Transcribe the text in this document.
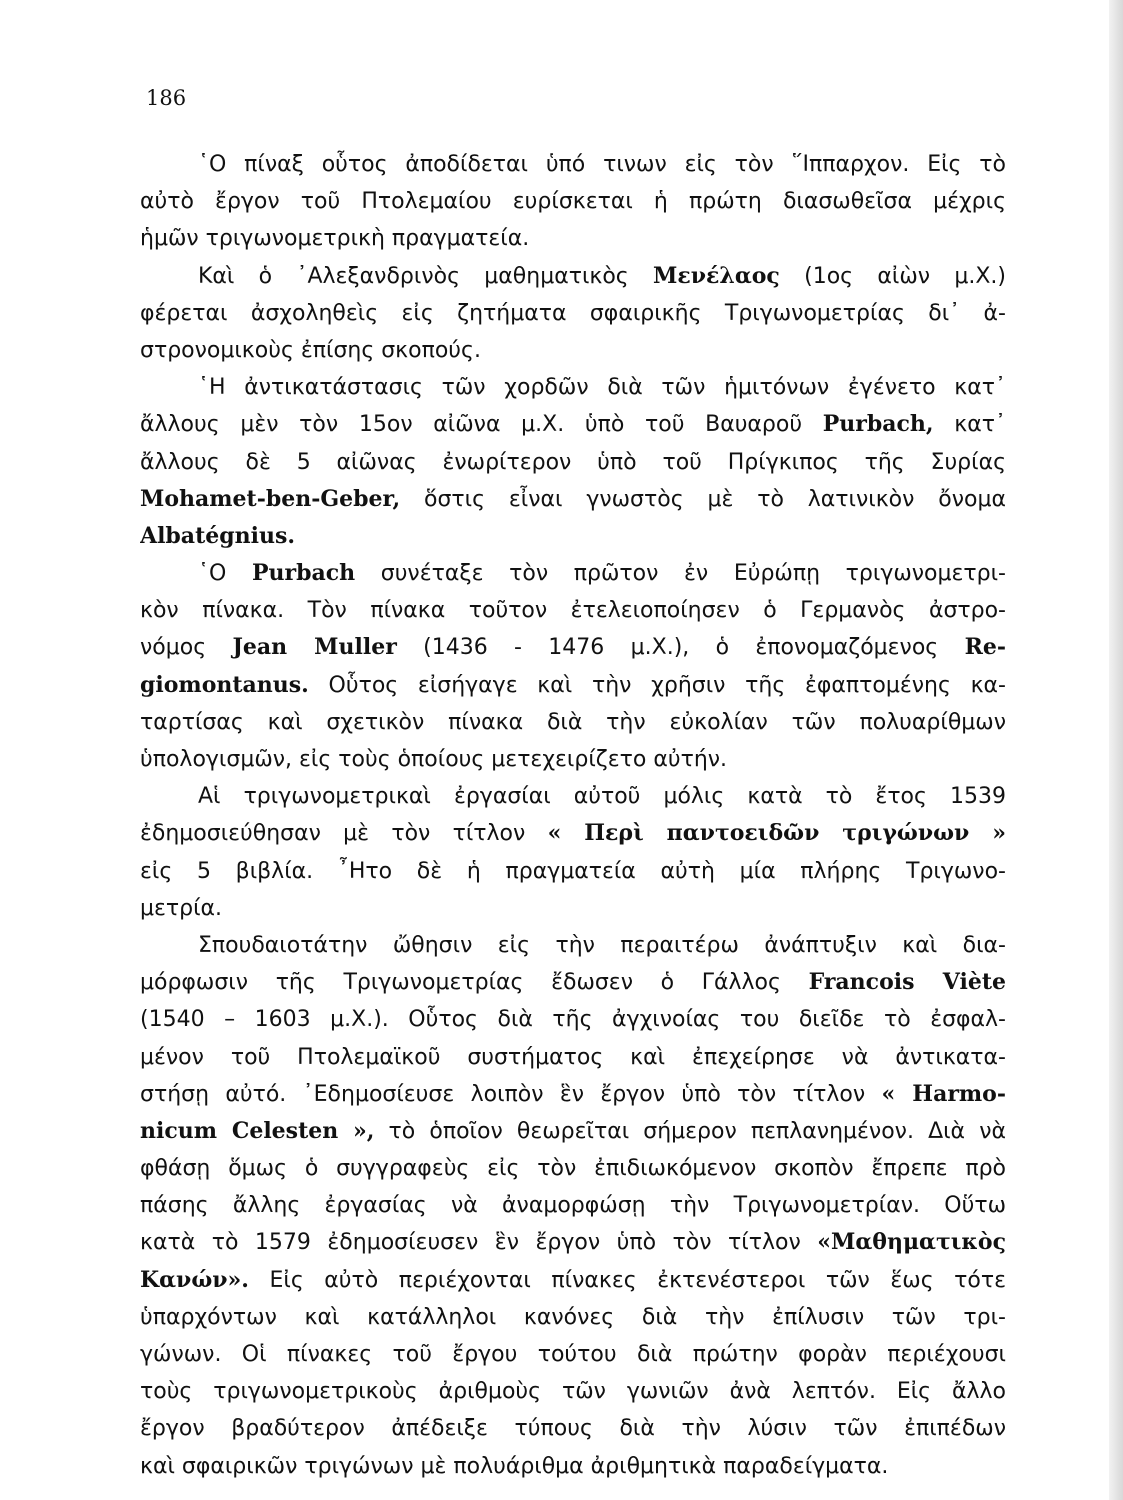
186
῾Ο πίναξ οὗτος ἀποδίδεται ὑπό τινων εἰς τὸν ῞Ιππαρχον. Εἰς τὸ
αὐτὸ ἔργον τοῦ Πτολεμαίου ευρίσκεται ἡ πρώτη διασωθεῖσα μέχρις
ἡμῶν τριγωνομετρικὴ πραγματεία.
Καὶ ὁ ᾿Αλεξανδρινὸς μαθηματικὸς Μενέλαος (1ος αἰὼν μ.Χ.)
φέρεται ἀσχοληθεὶς εἰς ζητήματα σφαιρικῆς Τριγωνομετρίας δι᾿ ἀ-
στρονομικοὺς ἐπίσης σκοπούς.
῾Η ἀντικατάστασις τῶν χορδῶν διὰ τῶν ἡμιτόνων ἐγένετο κατ᾿
ἄλλους μὲν τὸν 15ον αἰῶνα μ.Χ. ὑπὸ τοῦ Βαυαροῦ Purbach, κατ᾿
ἄλλους δὲ 5 αἰῶνας ἐνωρίτερον ὑπὸ τοῦ Πρίγκιπος τῆς Συρίας
Mohamet-ben-Geber, ὅστις εἶναι γνωστὸς μὲ τὸ λατινικὸν ὄνομα
Albatégnius.
῾Ο Purbach συνέταξε τὸν πρῶτον ἐν Εὐρώπῃ τριγωνομετρι-
κὸν πίνακα. Τὸν πίνακα τοῦτον ἐτελειοποίησεν ὁ Γερμανὸς ἀστρο-
νόμος Jean Muller (1436 - 1476 μ.Χ.), ὁ ἐπονομαζόμενος Re-
giomontanus. Οὗτος εἰσήγαγε καὶ τὴν χρῆσιν τῆς ἐφαπτομένης κα-
ταρτίσας καὶ σχετικὸν πίνακα διὰ τὴν εὐκολίαν τῶν πολυαρίθμων
ὑπολογισμῶν, εἰς τοὺς ὁποίους μετεχειρίζετο αὐτήν.
Αἱ τριγωνομετρικαὶ ἐργασίαι αὐτοῦ μόλις κατὰ τὸ ἔτος 1539
ἐδημοσιεύθησαν μὲ τὸν τίτλον « Περὶ παντοειδῶν τριγώνων »
εἰς 5 βιβλία. ῏Ητο δὲ ἡ πραγματεία αὐτὴ μία πλήρης Τριγωνο-
μετρία.
Σπουδαιοτάτην ὤθησιν εἰς τὴν περαιτέρω ἀνάπτυξιν καὶ δια-
μόρφωσιν τῆς Τριγωνομετρίας ἔδωσεν ὁ Γάλλος Francois Viète
(1540 – 1603 μ.Χ.). Οὗτος διὰ τῆς ἀγχινοίας του διεῖδε τὸ ἐσφαλ-
μένον τοῦ Πτολεμαϊκοῦ συστήματος καὶ ἐπεχείρησε νὰ ἀντικατα-
στήσῃ αὐτό. ᾿Εδημοσίευσε λοιπὸν ἓν ἔργον ὑπὸ τὸν τίτλον « Harmo-
nicum Celesten », τὸ ὁποῖον θεωρεῖται σήμερον πεπλανημένον. Διὰ νὰ
φθάσῃ ὅμως ὁ συγγραφεὺς εἰς τὸν ἐπιδιωκόμενον σκοπὸν ἔπρεπε πρὸ
πάσης ἄλλης ἐργασίας νὰ ἀναμορφώσῃ τὴν Τριγωνομετρίαν. Οὕτω
κατὰ τὸ 1579 ἐδημοσίευσεν ἓν ἔργον ὑπὸ τὸν τίτλον «Μαθηματικὸς
Κανών». Εἰς αὐτὸ περιέχονται πίνακες ἐκτενέστεροι τῶν ἕως τότε
ὑπαρχόντων καὶ κατάλληλοι κανόνες διὰ τὴν ἐπίλυσιν τῶν τρι-
γώνων. Οἱ πίνακες τοῦ ἔργου τούτου διὰ πρώτην φορὰν περιέχουσι
τοὺς τριγωνομετρικοὺς ἀριθμοὺς τῶν γωνιῶν ἀνὰ λεπτόν. Εἰς ἄλλο
ἔργον βραδύτερον ἀπέδειξε τύπους διὰ τὴν λύσιν τῶν ἐπιπέδων
καὶ σφαιρικῶν τριγώνων μὲ πολυάριθμα ἀριθμητικὰ παραδείγματα.
